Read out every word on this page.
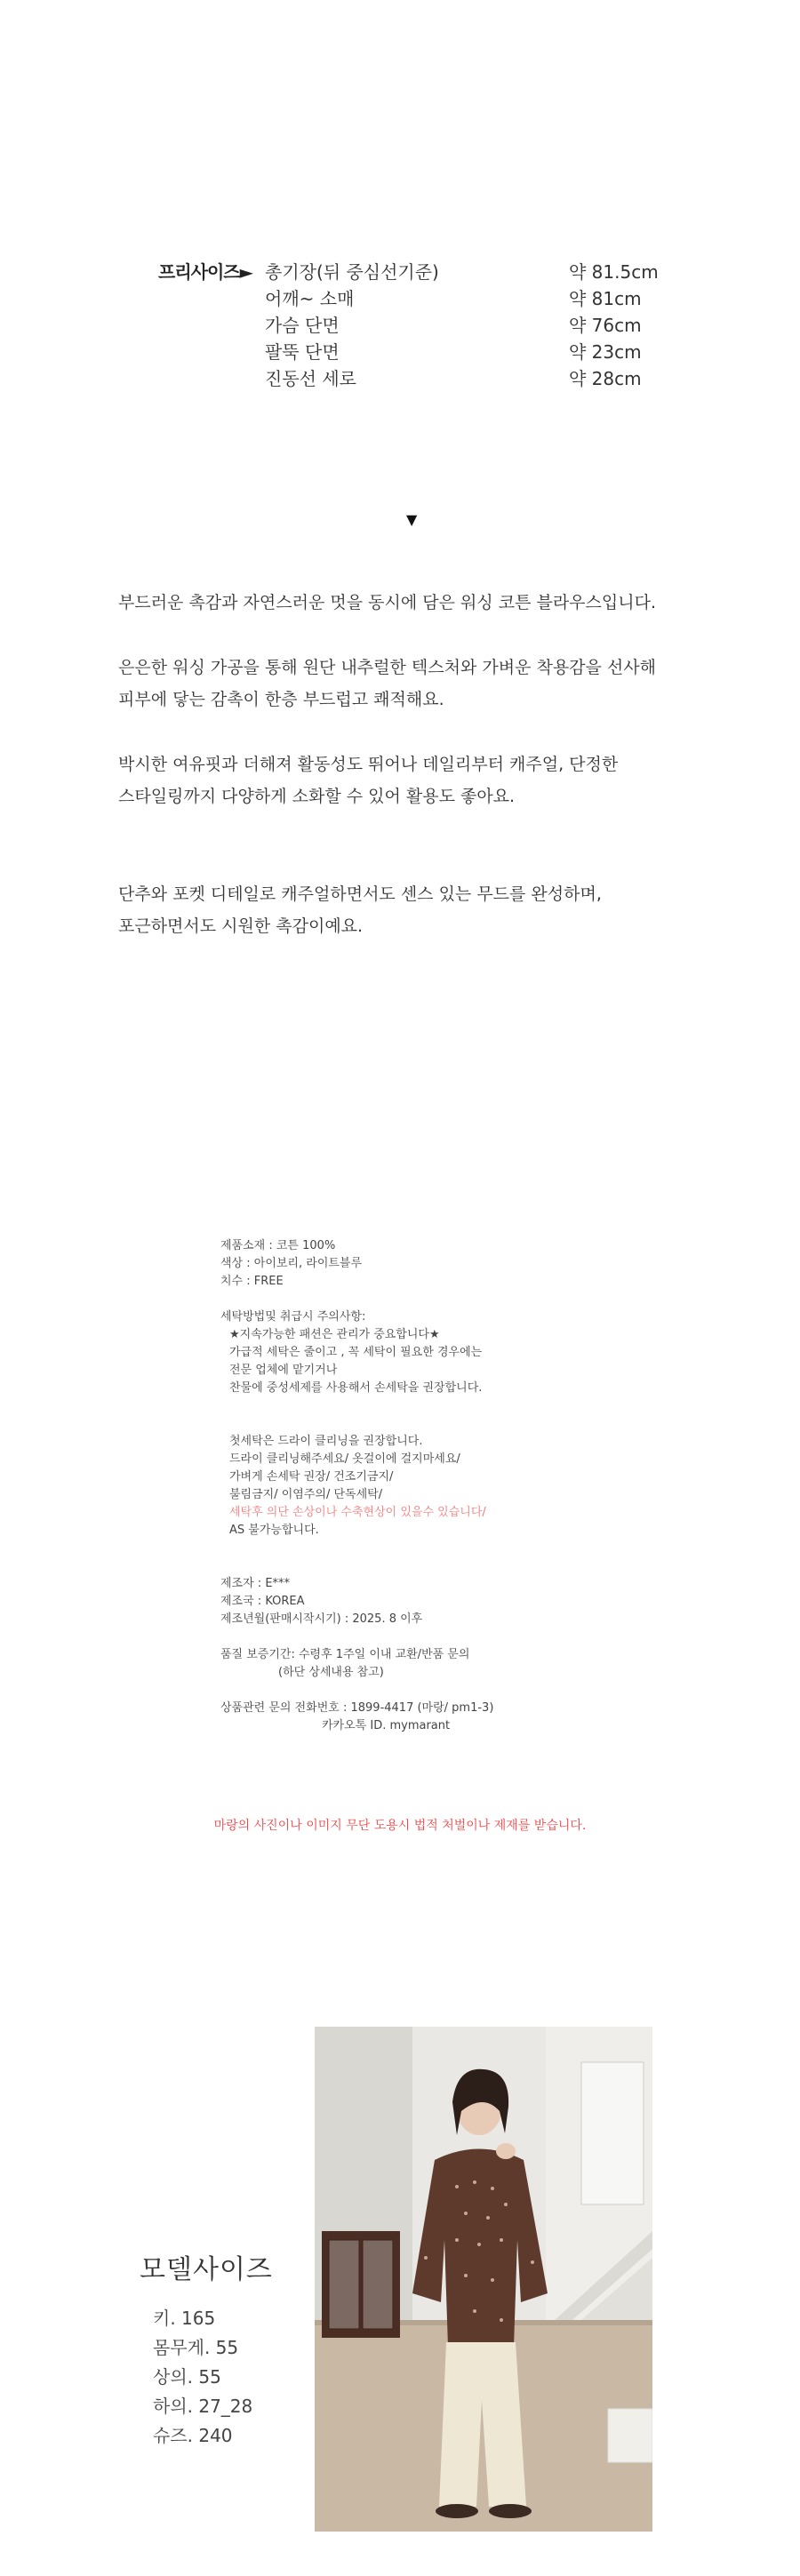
프리사이즈► 총기장(뒤 중심선기준)	약 81.5cm
어깨~ 소매	약 81cm
가슴 단면	약 76cm
팔뚝 단면	약 23cm
진동선 세로	약 28cm
▼
부드러운 촉감과 자연스러운 멋을 동시에 담은 워싱 코튼 블라우스입니다.
은은한 워싱 가공을 통해 원단 내추럴한 텍스처와 가벼운 착용감을 선사해
피부에 닿는 감촉이 한층 부드럽고 쾌적해요.
박시한 여유핏과 더해져 활동성도 뛰어나 데일리부터 캐주얼, 단정한
스타일링까지 다양하게 소화할 수 있어 활용도 좋아요.
단추와 포켓 디테일로 캐주얼하면서도 센스 있는 무드를 완성하며,
포근하면서도 시원한 촉감이예요.
제품소재 : 코튼 100%
색상 : 아이보리, 라이트블루
치수 : FREE
세탁방법및 취급시 주의사항:
★지속가능한 패션은 관리가 중요합니다★
가급적 세탁은 줄이고 , 꼭 세탁이 필요한 경우에는
전문 업체에 맡기거나
찬물에 중성세제를 사용해서 손세탁을 권장합니다.
첫세탁은 드라이 클리닝을 권장합니다.
드라이 클리닝해주세요/ 옷걸이에 걸지마세요/
가벼게 손세탁 권장/ 건조기금지/
불림금지/ 이염주의/ 단독세탁/
세탁후 의단 손상이나 수축현상이 있을수 있습니다/
AS 불가능합니다.
제조자 : E***
제조국 : KOREA
제조년월(판매시작시기) : 2025. 8 이후
품질 보증기간: 수령후 1주일 이내 교환/반품 문의
(하단 상세내용 참고)
상품관련 문의 전화번호 : 1899-4417 (마랑/ pm1-3)
카카오톡 ID. mymarant
마랑의 사진이나 이미지 무단 도용시 법적 처벌이나 제재를 받습니다.
모델사이즈
키. 165
몸무게. 55
상의. 55
하의. 27_28
슈즈. 240
